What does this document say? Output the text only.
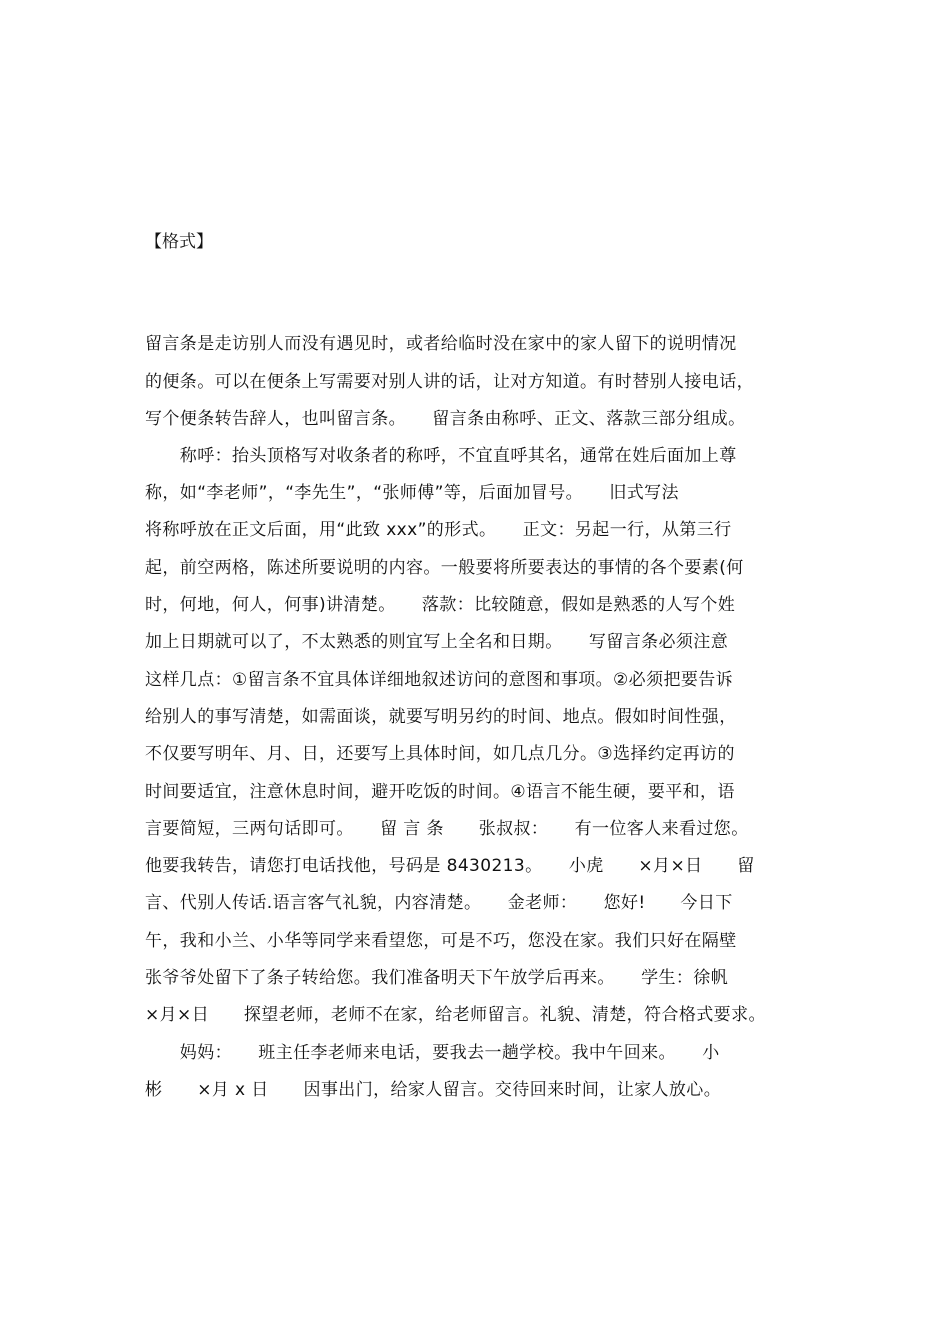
【格式】
留言条是走访别人而没有遇见时，或者给临时没在家中的家人留下的说明情况
的便条。可以在便条上写需要对别人讲的话，让对方知道。有时替别人接电话，
写个便条转告辞人，也叫留言条。　　留言条由称呼、正文、落款三部分组成。
　　称呼：抬头顶格写对收条者的称呼，不宜直呼其名，通常在姓后面加上尊
称，如“李老师”，“李先生”，“张师傅”等，后面加冒号。　　旧式写法
将称呼放在正文后面，用“此致 xxx”的形式。　　正文：另起一行，从第三行
起，前空两格，陈述所要说明的内容。一般要将所要表达的事情的各个要素(何
时，何地，何人，何事)讲清楚。　　落款：比较随意，假如是熟悉的人写个姓
加上日期就可以了，不太熟悉的则宜写上全名和日期。　　写留言条必须注意
这样几点：①留言条不宜具体详细地叙述访问的意图和事项。②必须把要告诉
给别人的事写清楚，如需面谈，就要写明另约的时间、地点。假如时间性强，
不仅要写明年、月、日，还要写上具体时间，如几点几分。③选择约定再访的
时间要适宜，注意休息时间，避开吃饭的时间。④语言不能生硬，要平和，语
言要简短，三两句话即可。　　留 言 条　　张叔叔：　　有一位客人来看过您。
他要我转告，请您打电话找他，号码是 8430213。　　小虎　　×月×日　　留
言、代别人传话.语言客气礼貌，内容清楚。　　金老师：　　您好!　　今日下
午，我和小兰、小华等同学来看望您，可是不巧，您没在家。我们只好在隔壁
张爷爷处留下了条子转给您。我们准备明天下午放学后再来。　　学生：徐帆
×月×日　　探望老师，老师不在家，给老师留言。礼貌、清楚，符合格式要求。
　　妈妈：　　班主任李老师来电话，要我去一趟学校。我中午回来。　　小
彬　　×月 x 日　　因事出门，给家人留言。交待回来时间，让家人放心。
